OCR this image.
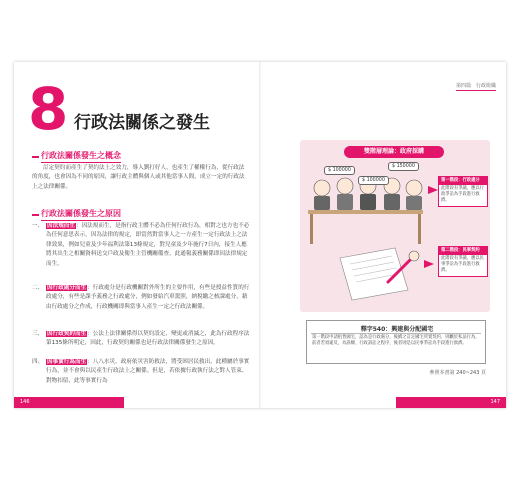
8 行政法關係之發生
行政法關係發生之概念
訂定契約而產生了契約法上之效力，導入劉打好人，也產生了權權行為，從行政法的角度，也會因為不同的原因，讓行政主體與個人或其他當事人間，成立一定的行政法上之法律關係。
行政法關係發生之原因
一、 因法規而生：因法規而生，是指行政主體不必為任何行政行為，相對之也方也不必為任何意思表示，因為法律的規定，即當然對當事人之一方產生一定行政法上之法律效果，例如兒童及少年福利法第13條規定，對兒童及少年施行7日內，接生人應將其出生之相關資料送交戶政及衛生主管機關備查，此通報義務關係即因法律規定而生。
二、 因行政處分而生：行政處分是行政機關對外所生的主要作用，有些是授益性質的行政處分，有些是課予義務之行政處分，例如發給汽車駕照，納稅繳之核課處分，藉由行政處分之作成，行政機關即與當事人產生一定之行政法關係。
三、 因行政契約而生：公法上法律關係得以契約設定、變更或消滅之，此為行政程序法第135條所明定，因此，行政契約關係也是行政法律關係發生之原因。
四、 因事實行為而生：八八水災，政府依災害防救法，將受困居民救出，此種屬於事實行為，並不會與以民產生行政法上之關係。但是，若依據行政執行法之對人管束、對物扣留，此等事實行為
146
第四篇　行政組織
雙階層理論：政府採購
$ 100000
$ 150000
$ 100000	第一階段：行政處分
此階段有爭議，應以行政爭訟為手段進行救濟。
第二階段：民事契約
此階段有爭議，應以民事爭訟為手段進行救濟。
釋字540：興建與分配國宅
第一階段申請租售國宅，認為是行政處分，後續之訂定國宅買賣契約，則屬於私法行為，前者若須違反，為訴願、行政訴訟之程序，後者則是以民事爭訟為手段進行救濟。
參照本書第 240~243 頁
147
